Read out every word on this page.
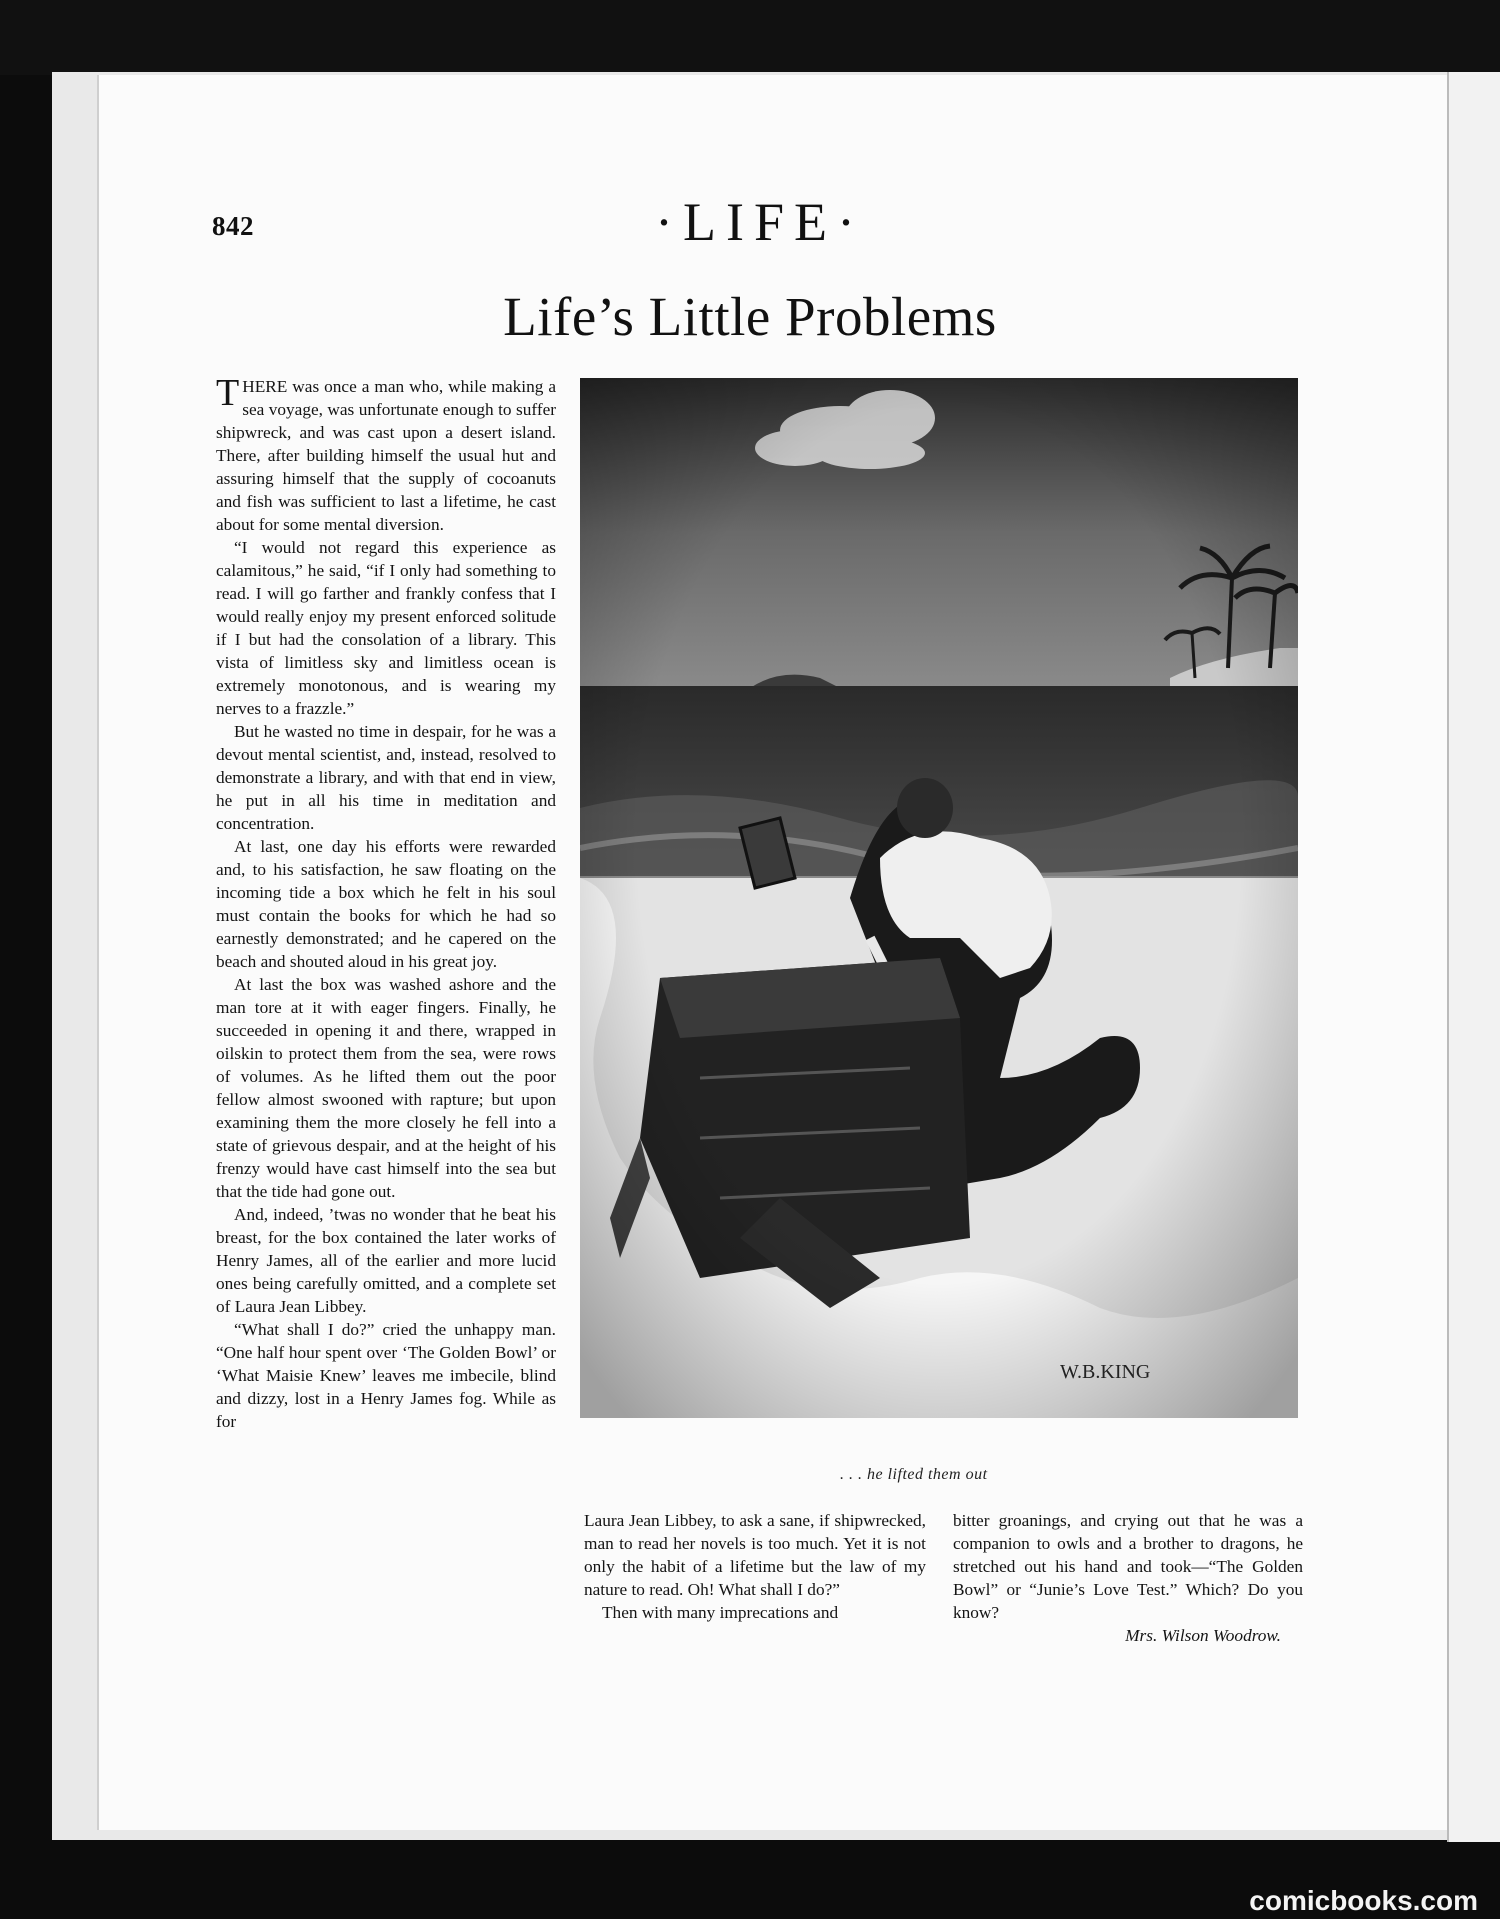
842	·LIFE·
Life’s Little Problems

THERE was once a man who, while making a sea voyage, was unfortunate enough to suffer shipwreck, and was cast upon a desert island. There, after building himself the usual hut and assuring himself that the supply of cocoanuts and fish was sufficient to last a lifetime, he cast about for some mental diversion.

“I would not regard this experience as calamitous,” he said, “if I only had something to read. I will go farther and frankly confess that I would really enjoy my present enforced solitude if I but had the consolation of a library. This vista of limitless sky and limitless ocean is extremely monotonous, and is wearing my nerves to a frazzle.”

But he wasted no time in despair, for he was a devout mental scientist, and, instead, resolved to demonstrate a library, and with that end in view, he put in all his time in meditation and concentration.

At last, one day his efforts were rewarded and, to his satisfaction, he saw floating on the incoming tide a box which he felt in his soul must contain the books for which he had so earnestly demonstrated; and he capered on the beach and shouted aloud in his great joy.

At last the box was washed ashore and the man tore at it with eager fingers. Finally, he succeeded in opening it and there, wrapped in oilskin to protect them from the sea, were rows of volumes. As he lifted them out the poor fellow almost swooned with rapture; but upon examining them the more closely he fell into a state of grievous despair, and at the height of his frenzy would have cast himself into the sea but that the tide had gone out.

And, indeed, ’twas no wonder that he beat his breast, for the box contained the later works of Henry James, all of the earlier and more lucid ones being carefully omitted, and a complete set of Laura Jean Libbey.

“What shall I do?” cried the unhappy man. “One half hour spent over ‘The Golden Bowl’ or ‘What Maisie Knew’ leaves me imbecile, blind and dizzy, lost in a Henry James fog. While as for

W.B.KING
. . . he lifted them out

Laura Jean Libbey, to ask a sane, if shipwrecked, man to read her novels is too much. Yet it is not only the habit of a lifetime but the law of my nature to read. Oh! What shall I do?”

Then with many imprecations and

bitter groanings, and crying out that he was a companion to owls and a brother to dragons, he stretched out his hand and took—“The Golden Bowl” or “Junie’s Love Test.” Which? Do you know?

Mrs. Wilson Woodrow.
comicbooks.com
